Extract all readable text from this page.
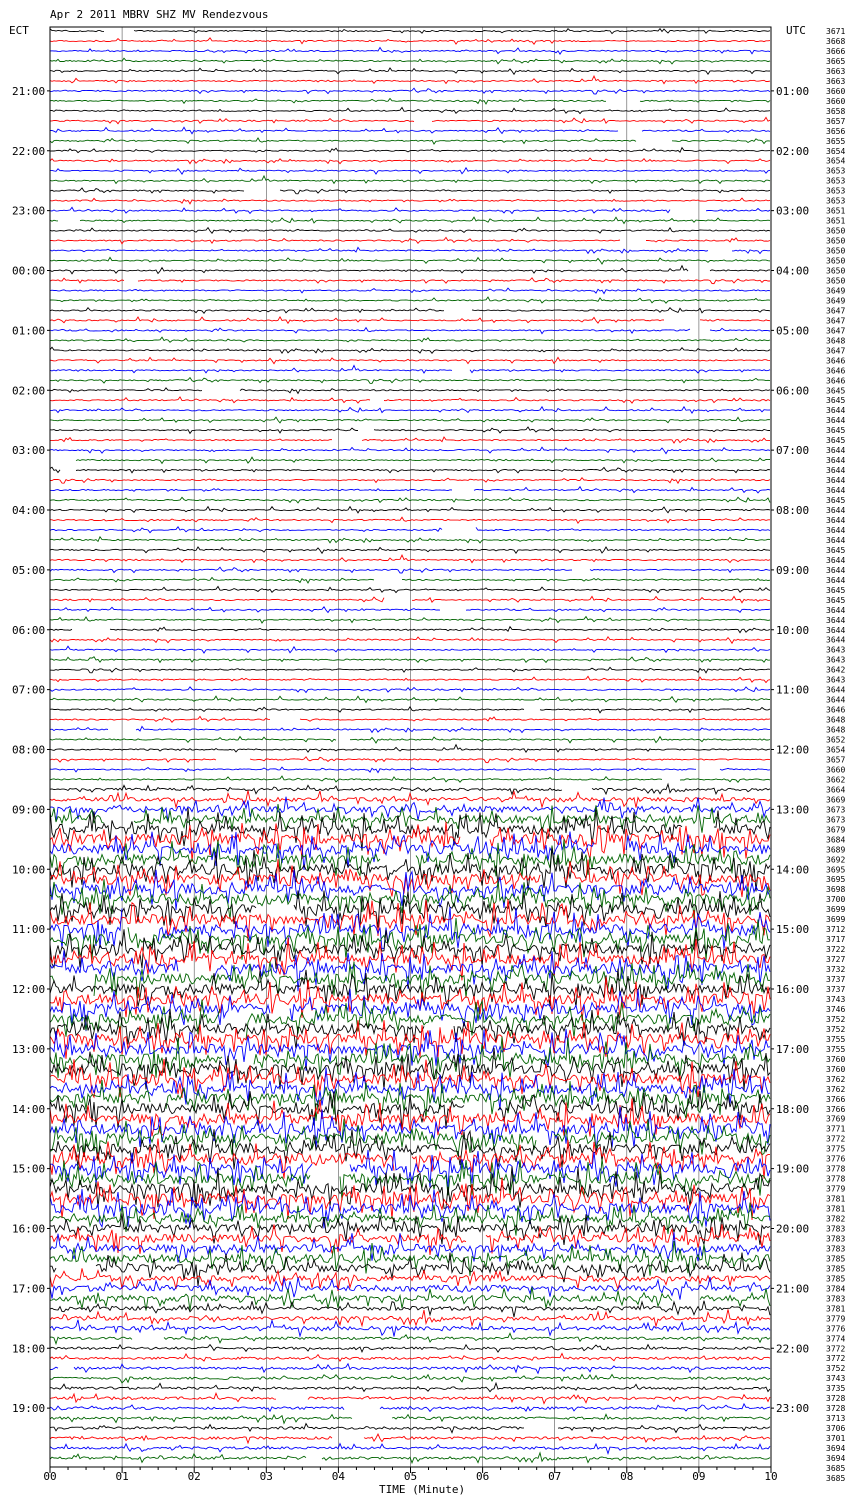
Apr 2 2011 MBRV SHZ MV Rendezvous
ECT	UTC
TIME (Minute)
21:00
22:00
23:00
00:00
01:00
02:00
03:00
04:00
05:00
06:00
07:00
08:00
09:00
10:00
11:00
12:00
13:00
14:00
15:00
16:00
17:00
18:00
19:00
01:00
02:00
03:00
04:00
05:00
06:00
07:00
08:00
09:00
10:00
11:00
12:00
13:00
14:00
15:00
16:00
17:00
18:00
19:00
20:00
21:00
22:00
23:00
3671
3668
3666
3665
3663
3663
3660
3660
3658
3657
3656
3655
3654
3654
3653
3653
3653
3653
3651
3651
3650
3650
3650
3650
3650
3650
3649
3649
3647
3647
3647
3648
3647
3646
3646
3646
3645
3645
3644
3644
3645
3645
3644
3644
3644
3644
3644
3645
3644
3644
3644
3644
3645
3644
3644
3644
3645
3645
3644
3644
3644
3644
3643
3643
3642
3643
3644
3644
3646
3648
3648
3652
3654
3657
3660
3662
3664
3669
3673
3673
3679
3684
3689
3692
3695
3695
3698
3700
3699
3699
3712
3717
3722
3727
3732
3737
3737
3743
3746
3752
3752
3755
3755
3760
3760
3762
3762
3766
3766
3769
3771
3772
3775
3776
3778
3778
3779
3781
3781
3782
3783
3783
3783
3785
3785
3785
3784
3783
3781
3779
3776
3774
3772
3772
3752
3743
3735
3728
3728
3713
3706
3701
3694
3694
3685
3685
00	01	02	03	04	05	06	07	08	09	10
